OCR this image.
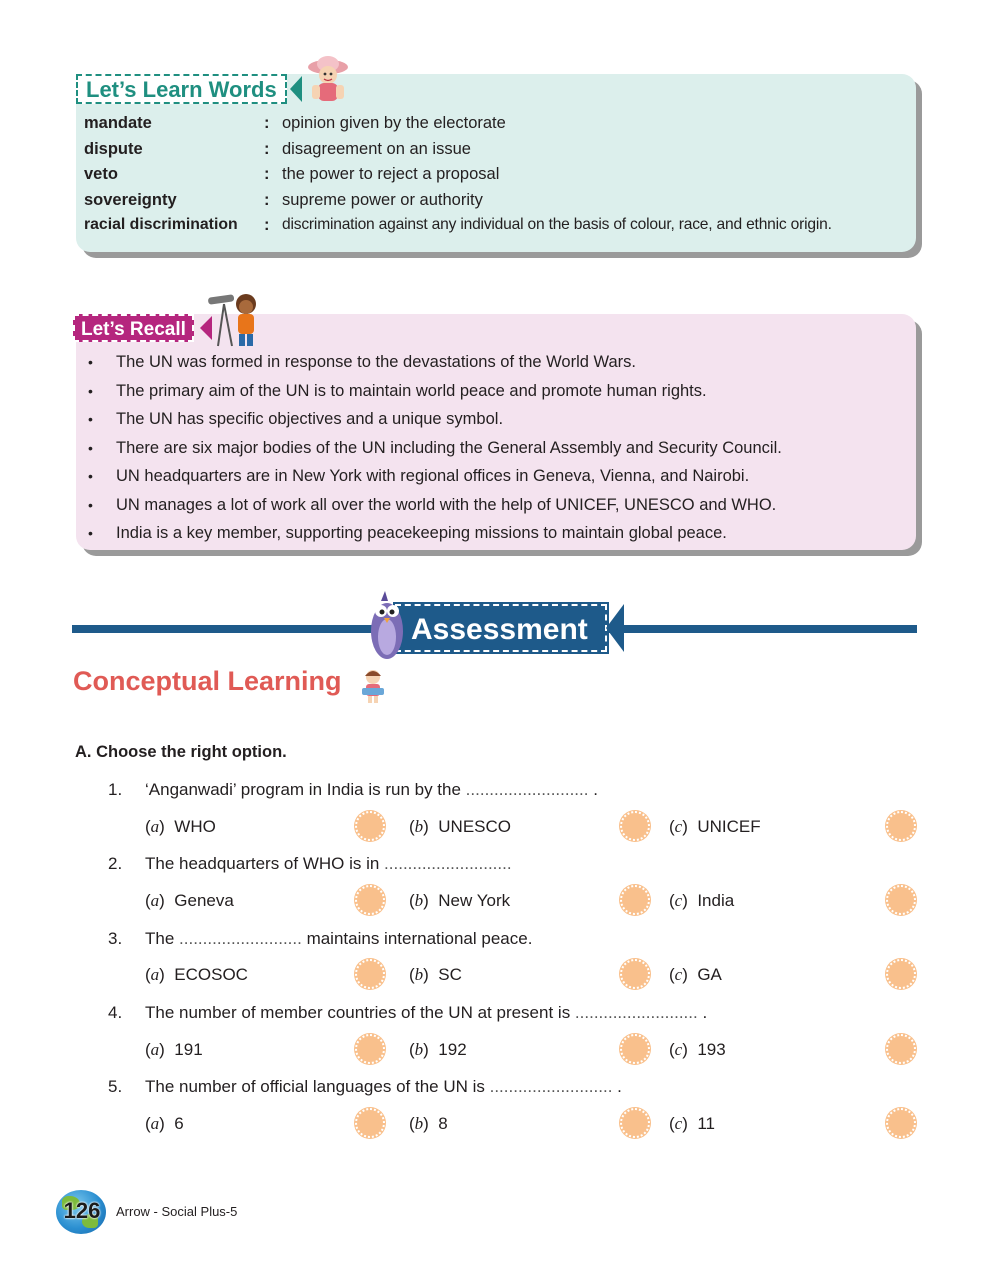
Let’s Learn Words
mandate	: opinion given by the electorate
dispute	: disagreement on an issue
veto	: the power to reject a proposal
sovereignty	: supreme power or authority
racial discrimination	: discrimination against any individual on the basis of colour, race, and ethnic origin.
Let’s Recall
•	The UN was formed in response to the devastations of the World Wars.
•	The primary aim of the UN is to maintain world peace and promote human rights.
•	The UN has specific objectives and a unique symbol.
•	There are six major bodies of the UN including the General Assembly and Security Council.
•	UN headquarters are in New York with regional offices in Geneva, Vienna, and Nairobi.
•	UN manages a lot of work all over the world with the help of UNICEF, UNESCO and WHO.
•	India is a key member, supporting peacekeeping missions to maintain global peace.
Assessment
Conceptual Learning
A. Choose the right option.
1. ‘Anganwadi’ program in India is run by the .......................... .
(a)  WHO	(b)  UNESCO	(c)  UNICEF
2. The headquarters of WHO is in ...........................
(a)  Geneva	(b)  New York	(c)  India
3. The .......................... maintains international peace.
(a)  ECOSOC	(b)  SC	(c)  GA
4. The number of member countries of the UN at present is .......................... .
(a)  191	(b)  192	(c)  193
5. The number of official languages of the UN is .......................... .
(a)  6	(b)  8	(c)  11
126	Arrow - Social Plus-5
